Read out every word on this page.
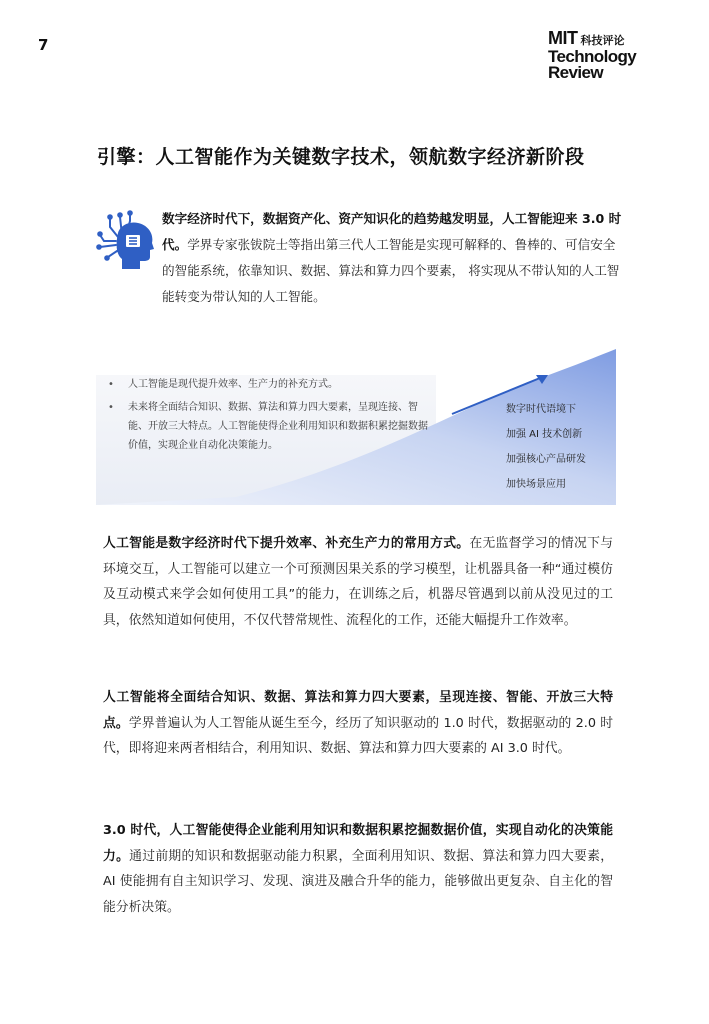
7	MIT 科技评论
Technology
Review
引擎：人工智能作为关键数字技术，领航数字经济新阶段
数字经济时代下，数据资产化、资产知识化的趋势越发明显，人工智能迎来 3.0 时代。学界专家张钹院士等指出第三代人工智能是实现可解释的、鲁棒的、可信安全的智能系统，依靠知识、数据、算法和算力四个要素， 将实现从不带认知的人工智能转变为带认知的人工智能。
• 人工智能是现代提升效率、生产力的补充方式。
• 未来将全面结合知识、数据、算法和算力四大要素，呈现连接、智能、开放三大特点。人工智能使得企业利用知识和数据积累挖掘数据价值，实现企业自动化决策能力。
数字时代语境下
加强 AI 技术创新
加强核心产品研发
加快场景应用
人工智能是数字经济时代下提升效率、补充生产力的常用方式。在无监督学习的情况下与环境交互，人工智能可以建立一个可预测因果关系的学习模型，让机器具备一种“通过模仿及互动模式来学会如何使用工具”的能力，在训练之后，机器尽管遇到以前从没见过的工具，依然知道如何使用，不仅代替常规性、流程化的工作，还能大幅提升工作效率。
人工智能将全面结合知识、数据、算法和算力四大要素，呈现连接、智能、开放三大特点。学界普遍认为人工智能从诞生至今，经历了知识驱动的 1.0 时代，数据驱动的 2.0 时代，即将迎来两者相结合，利用知识、数据、算法和算力四大要素的 AI 3.0 时代。
3.0 时代，人工智能使得企业能利用知识和数据积累挖掘数据价值，实现自动化的决策能力。通过前期的知识和数据驱动能力积累，全面利用知识、数据、算法和算力四大要素， AI 使能拥有自主知识学习、发现、演进及融合升华的能力，能够做出更复杂、自主化的智能分析决策。
